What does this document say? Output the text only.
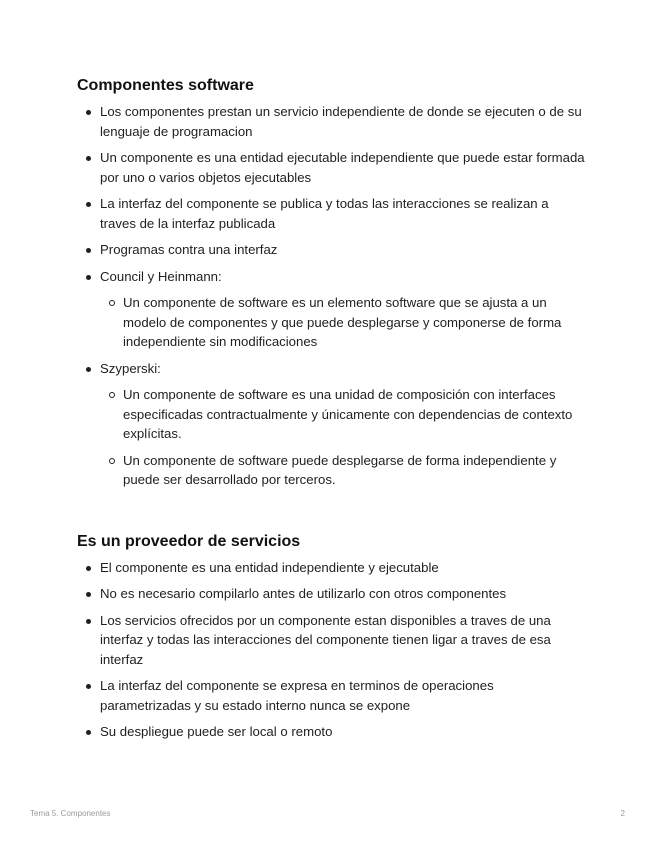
Componentes software
Los componentes prestan un servicio independiente de donde se ejecuten o de su lenguaje de programacion
Un componente es una entidad ejecutable independiente que puede estar formada por uno o varios objetos ejecutables
La interfaz del componente se publica y todas las interacciones se realizan a traves de la interfaz publicada
Programas contra una interfaz
Council y Heinmann:
Un componente de software es un elemento software que se ajusta a un modelo de componentes y que puede desplegarse y componerse de forma independiente sin modificaciones
Szyperski:
Un componente de software es una unidad de composición con interfaces especificadas contractualmente y únicamente con dependencias de contexto explícitas.
Un componente de software puede desplegarse de forma independiente y puede ser desarrollado por terceros.
Es un proveedor de servicios
El componente es una entidad independiente y ejecutable
No es necesario compilarlo antes de utilizarlo con otros componentes
Los servicios ofrecidos por un componente estan disponibles a traves de una interfaz y todas las interacciones del componente tienen ligar a traves de esa interfaz
La interfaz del componente se expresa en terminos de operaciones parametrizadas y su estado interno nunca se expone
Su despliegue puede ser local o remoto
Tema 5. Componentes	2
